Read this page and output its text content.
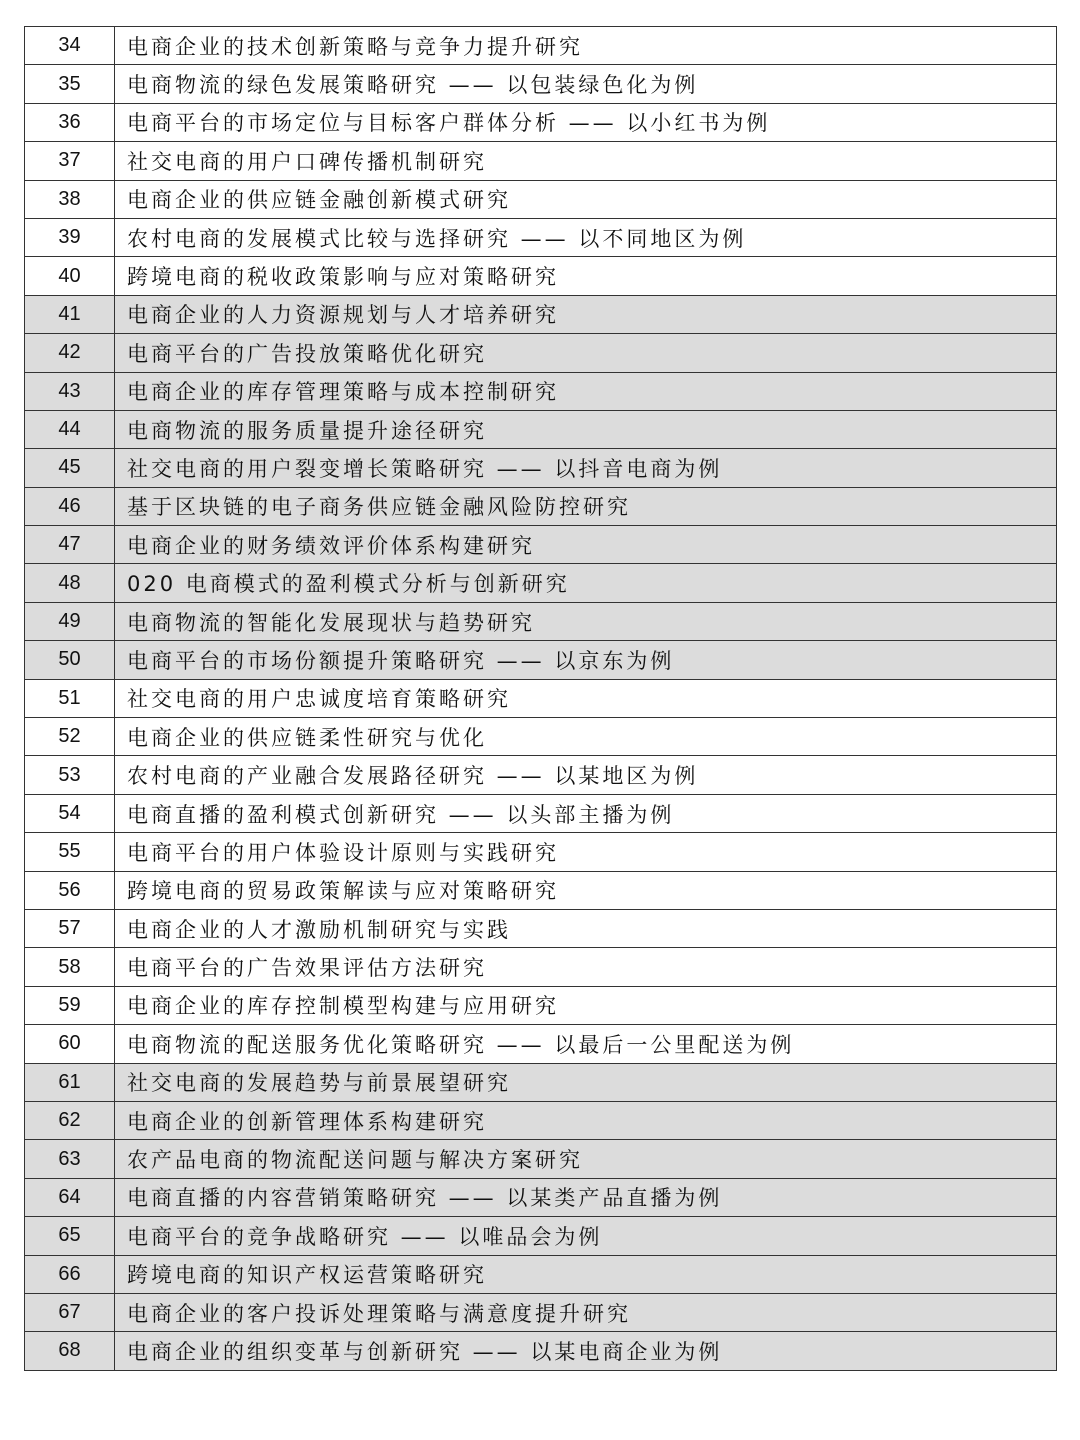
34	电商企业的技术创新策略与竞争力提升研究
35	电商物流的绿色发展策略研究 —— 以包装绿色化为例
36	电商平台的市场定位与目标客户群体分析 —— 以小红书为例
37	社交电商的用户口碑传播机制研究
38	电商企业的供应链金融创新模式研究
39	农村电商的发展模式比较与选择研究 —— 以不同地区为例
40	跨境电商的税收政策影响与应对策略研究
41	电商企业的人力资源规划与人才培养研究
42	电商平台的广告投放策略优化研究
43	电商企业的库存管理策略与成本控制研究
44	电商物流的服务质量提升途径研究
45	社交电商的用户裂变增长策略研究 —— 以抖音电商为例
46	基于区块链的电子商务供应链金融风险防控研究
47	电商企业的财务绩效评价体系构建研究
48	020 电商模式的盈利模式分析与创新研究
49	电商物流的智能化发展现状与趋势研究
50	电商平台的市场份额提升策略研究 —— 以京东为例
51	社交电商的用户忠诚度培育策略研究
52	电商企业的供应链柔性研究与优化
53	农村电商的产业融合发展路径研究 —— 以某地区为例
54	电商直播的盈利模式创新研究 —— 以头部主播为例
55	电商平台的用户体验设计原则与实践研究
56	跨境电商的贸易政策解读与应对策略研究
57	电商企业的人才激励机制研究与实践
58	电商平台的广告效果评估方法研究
59	电商企业的库存控制模型构建与应用研究
60	电商物流的配送服务优化策略研究 —— 以最后一公里配送为例
61	社交电商的发展趋势与前景展望研究
62	电商企业的创新管理体系构建研究
63	农产品电商的物流配送问题与解决方案研究
64	电商直播的内容营销策略研究 —— 以某类产品直播为例
65	电商平台的竞争战略研究 —— 以唯品会为例
66	跨境电商的知识产权运营策略研究
67	电商企业的客户投诉处理策略与满意度提升研究
68	电商企业的组织变革与创新研究 —— 以某电商企业为例
